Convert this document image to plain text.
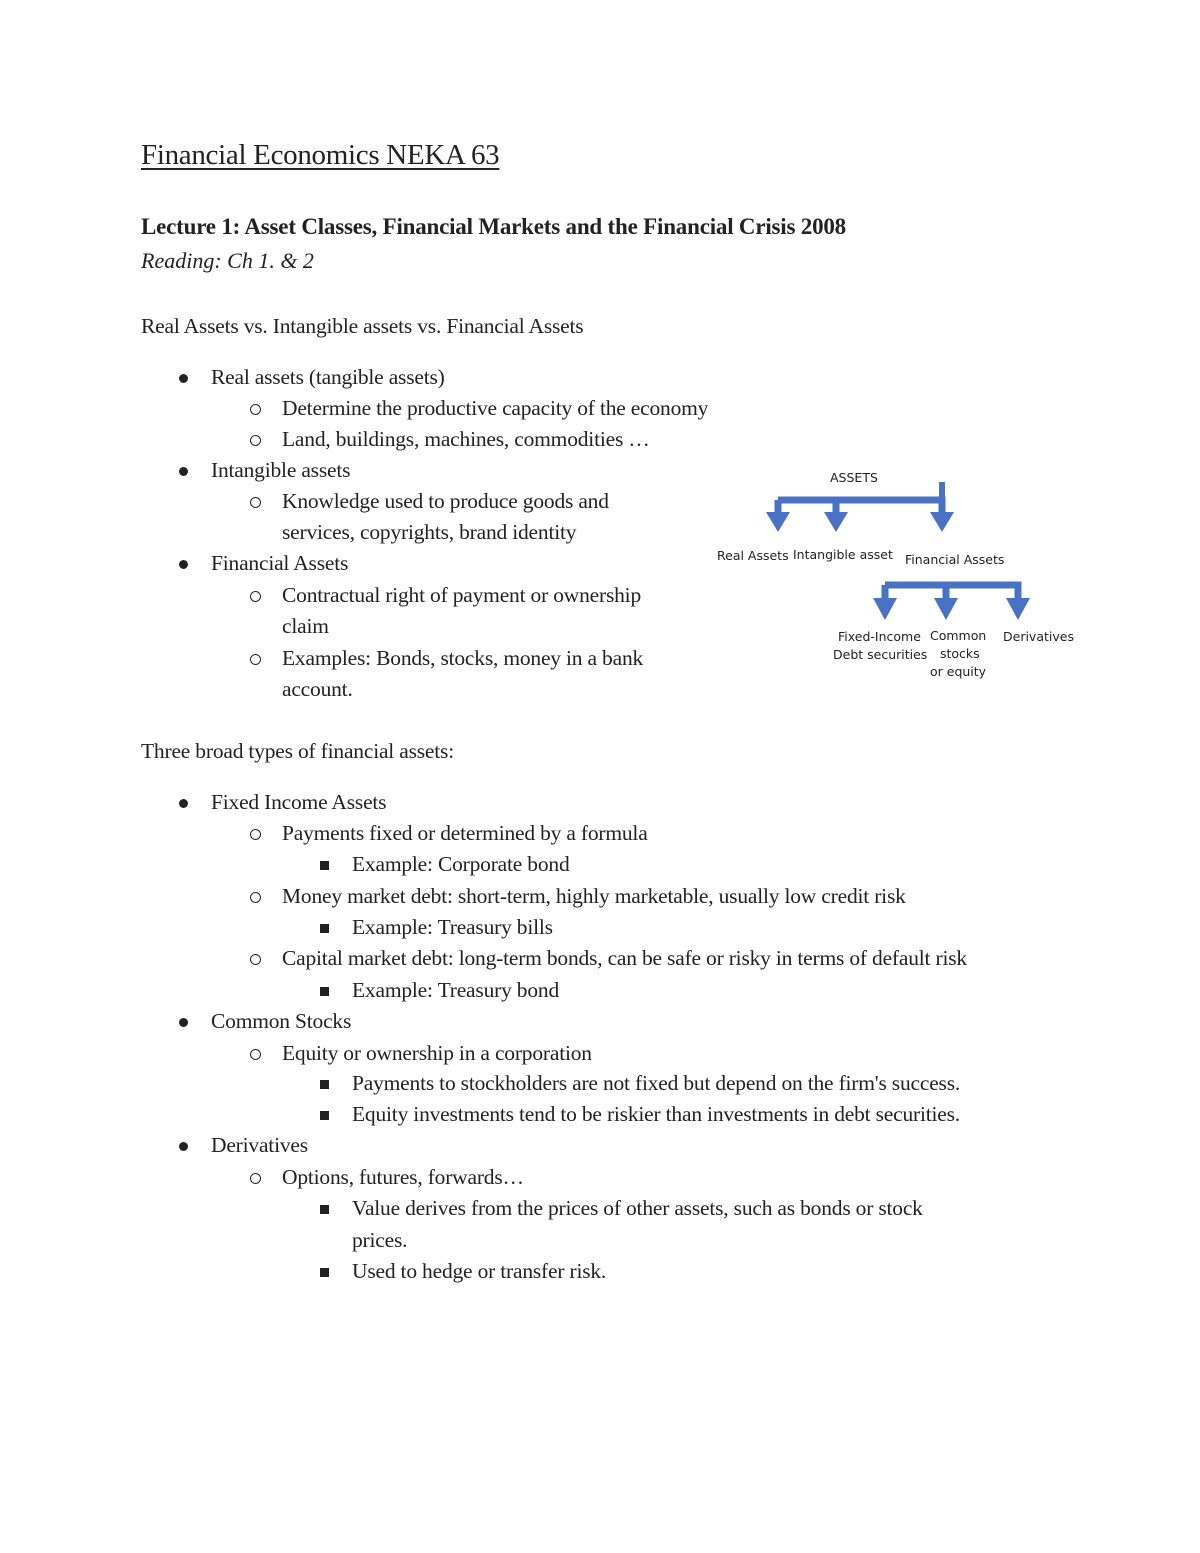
Financial Economics NEKA 63
Lecture 1: Asset Classes, Financial Markets and the Financial Crisis 2008
Reading: Ch 1. & 2
Real Assets vs. Intangible assets vs. Financial Assets
Real assets (tangible assets)
Determine the productive capacity of the economy
Land, buildings, machines, commodities …
Intangible assets
Knowledge used to produce goods and
services, copyrights, brand identity
Financial Assets
Contractual right of payment or ownership
claim
Examples: Bonds, stocks, money in a bank
account.
ASSETS
Real Assets Intangible asset Financial Assets
Fixed-Income
Debt securities
Common
stocks
or equity
Derivatives
Three broad types of financial assets:
Fixed Income Assets
Payments fixed or determined by a formula
Example: Corporate bond
Money market debt: short-term, highly marketable, usually low credit risk
Example: Treasury bills
Capital market debt: long-term bonds, can be safe or risky in terms of default risk
Example: Treasury bond
Common Stocks
Equity or ownership in a corporation
Payments to stockholders are not fixed but depend on the firm's success.
Equity investments tend to be riskier than investments in debt securities.
Derivatives
Options, futures, forwards…
Value derives from the prices of other assets, such as bonds or stock
prices.
Used to hedge or transfer risk.
